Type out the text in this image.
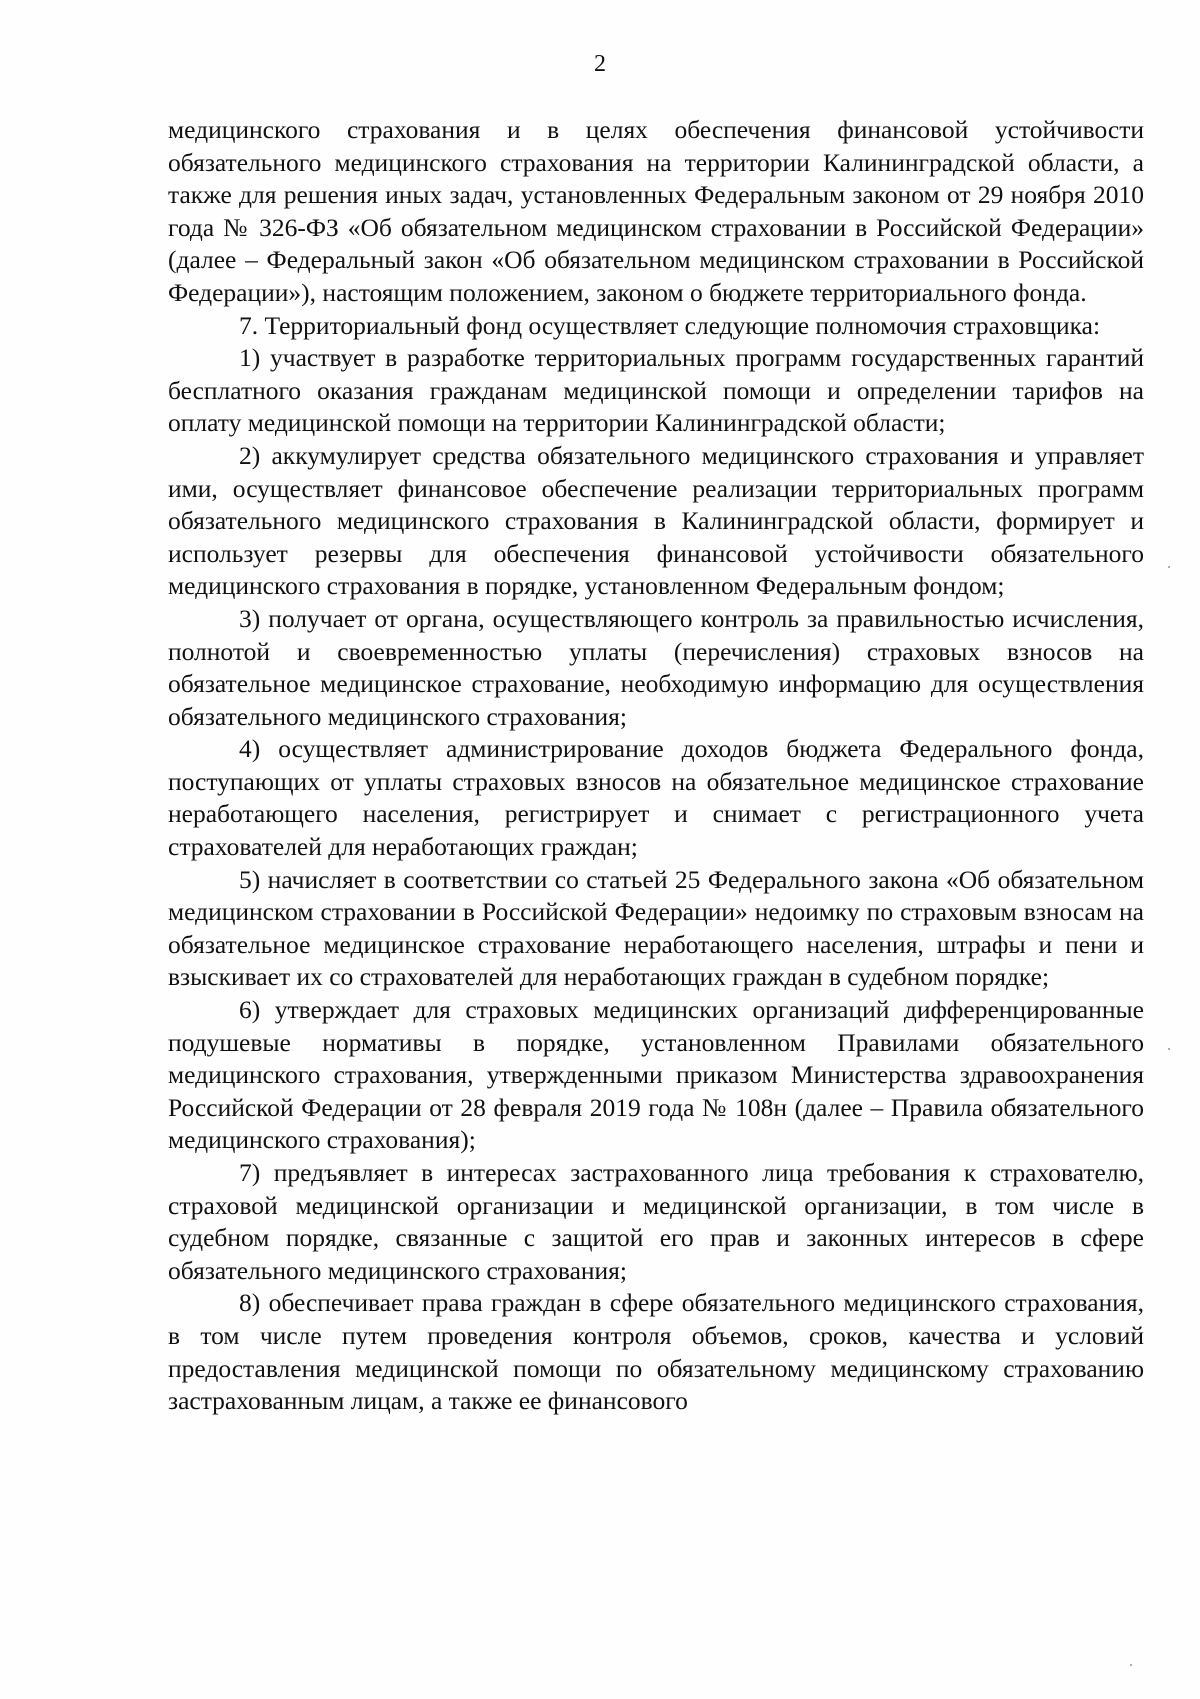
2

медицинского страхования и в целях обеспечения финансовой устойчивости обязательного медицинского страхования на территории Калининградской области, а также для решения иных задач, установленных Федеральным законом от 29 ноября 2010 года № 326-ФЗ «Об обязательном медицинском страховании в Российской Федерации» (далее – Федеральный закон «Об обязательном медицинском страховании в Российской Федерации»), настоящим положением, законом о бюджете территориального фонда.

7. Территориальный фонд осуществляет следующие полномочия страховщика:

1) участвует в разработке территориальных программ государственных гарантий бесплатного оказания гражданам медицинской помощи и определении тарифов на оплату медицинской помощи на территории Калининградской области;

2) аккумулирует средства обязательного медицинского страхования и управляет ими, осуществляет финансовое обеспечение реализации территориальных программ обязательного медицинского страхования в Калининградской области, формирует и использует резервы для обеспечения финансовой устойчивости обязательного медицинского страхования в порядке, установленном Федеральным фондом;

3) получает от органа, осуществляющего контроль за правильностью исчисления, полнотой и своевременностью уплаты (перечисления) страховых взносов на обязательное медицинское страхование, необходимую информацию для осуществления обязательного медицинского страхования;

4) осуществляет администрирование доходов бюджета Федерального фонда, поступающих от уплаты страховых взносов на обязательное медицинское страхование неработающего населения, регистрирует и снимает с регистрационного учета страхователей для неработающих граждан;

5) начисляет в соответствии со статьей 25 Федерального закона «Об обязательном медицинском страховании в Российской Федерации» недоимку по страховым взносам на обязательное медицинское страхование неработающего населения, штрафы и пени и взыскивает их со страхователей для неработающих граждан в судебном порядке;

6) утверждает для страховых медицинских организаций дифференцированные подушевые нормативы в порядке, установленном Правилами обязательного медицинского страхования, утвержденными приказом Министерства здравоохранения Российской Федерации от 28 февраля 2019 года № 108н (далее – Правила обязательного медицинского страхования);

7) предъявляет в интересах застрахованного лица требования к страхователю, страховой медицинской организации и медицинской организации, в том числе в судебном порядке, связанные с защитой его прав и законных интересов в сфере обязательного медицинского страхования;

8) обеспечивает права граждан в сфере обязательного медицинского страхования, в том числе путем проведения контроля объемов, сроков, качества и условий предоставления медицинской помощи по обязательному медицинскому страхованию застрахованным лицам, а также ее финансового
